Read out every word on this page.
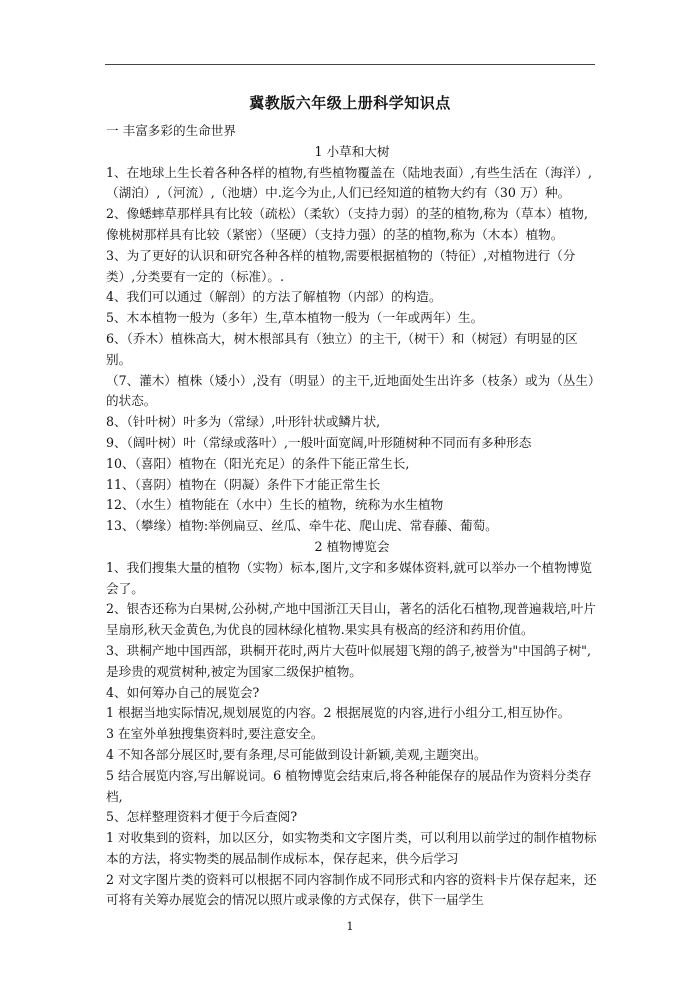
冀教版六年级上册科学知识点

一 丰富多彩的生命世界

1 小草和大树

1、在地球上生长着各种各样的植物,有些植物覆盖在（陆地表面）,有些生活在（海洋）,（湖泊）,（河流）,（池塘）中.迄今为止,人们已经知道的植物大约有（30 万）种。

2、像蟋蟀草那样具有比较（疏松）（柔软）（支持力弱）的茎的植物,称为（草本）植物,像桃树那样具有比较（紧密）（坚硬）（支持力强）的茎的植物,称为（木本）植物。

3、为了更好的认识和研究各种各样的植物,需要根据植物的（特征）,对植物进行（分类）,分类要有一定的（标准）。.

4、我们可以通过（解剖）的方法了解植物（内部）的构造。

5、木本植物一般为（多年）生,草本植物一般为（一年或两年）生。

6、（乔木）植株高大，树木根部具有（独立）的主干,（树干）和（树冠）有明显的区别。

（7、灌木）植株（矮小）,没有（明显）的主干,近地面处生出许多（枝条）或为（丛生）的状态。

8、（针叶树）叶多为（常绿）,叶形针状或鳞片状,

9、（阔叶树）叶（常绿或落叶）,一般叶面宽阔,叶形随树种不同而有多种形态

10、（喜阳）植物在（阳光充足）的条件下能正常生长,

11、（喜阴）植物在（阴凝）条件下才能正常生长

12、（水生）植物能在（水中）生长的植物，统称为水生植物

13、（攀缘）植物:举例扁豆、丝瓜、牵牛花、爬山虎、常春藤、葡萄。

2 植物博览会

1、我们搜集大量的植物（实物）标本,图片,文字和多媒体资料,就可以举办一个植物博览会了。

2、银杏还称为白果树,公孙树,产地中国浙江天目山，著名的活化石植物,现普遍栽培,叶片呈扇形,秋天金黄色,为优良的园林绿化植物.果实具有极高的经济和药用价值。

3、珙桐产地中国西部，珙桐开花时,两片大苞叶似展翅飞翔的鸽子,被誉为"中国鸽子树",是珍贵的观赏树种,被定为国家二级保护植物。

4、如何筹办自己的展览会?

1 根据当地实际情况,规划展览的内容。2 根据展览的内容,进行小组分工,相互协作。

3 在室外单独搜集资料时,要注意安全。

4 不知各部分展区时,要有条理,尽可能做到设计新颖,美观,主题突出。

5 结合展览内容,写出解说词。6 植物博览会结束后,将各种能保存的展品作为资料分类存档,

5、怎样整理资料才便于今后查阅?

1 对收集到的资料，加以区分，如实物类和文字图片类，可以利用以前学过的制作植物标本的方法，将实物类的展品制作成标本，保存起来，供今后学习

2 对文字图片类的资料可以根据不同内容制作成不同形式和内容的资料卡片保存起来，还可将有关筹办展览会的情况以照片或录像的方式保存，供下一届学生

1
